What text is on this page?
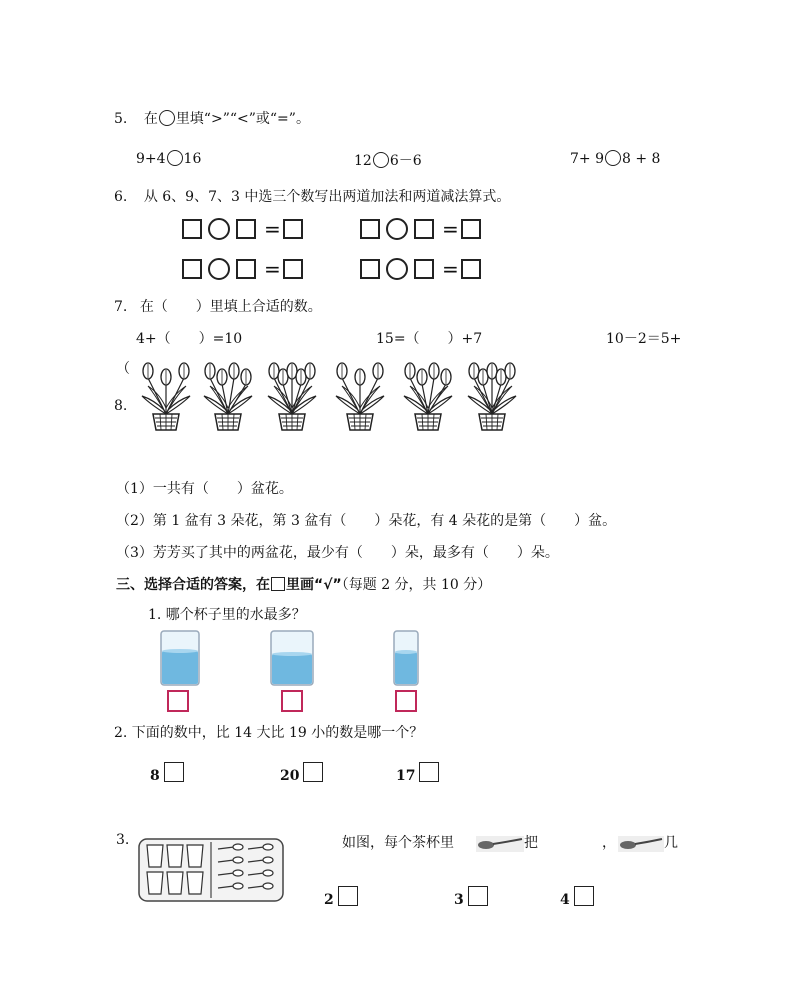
5. 在 里填“>”“<”或“=”。
9+4 16	12 6－6	7+ 9 8 + 8
6. 从 6、9、7、3 中选三个数写出两道加法和两道减法算式。
=	=
=	=
7. 在（　　）里填上合适的数。
4+（　　）=10	15=（　　）+7	10－2＝5+
（
8.
（1）一共有（　　）盆花。
（2）第 1 盆有 3 朵花，第 3 盆有（　　）朵花，有 4 朵花的是第（　　）盆。
（3）芳芳买了其中的两盆花，最少有（　　）朵，最多有（　　）朵。
三、选择合适的答案，在 里画“√”（每题 2 分，共 10 分）
1. 哪个杯子里的水最多？
2. 下面的数中，比 14 大比 19 小的数是哪一个？
8	20	17
3.	如图，每个茶杯里	把	，	几
2	3	4
